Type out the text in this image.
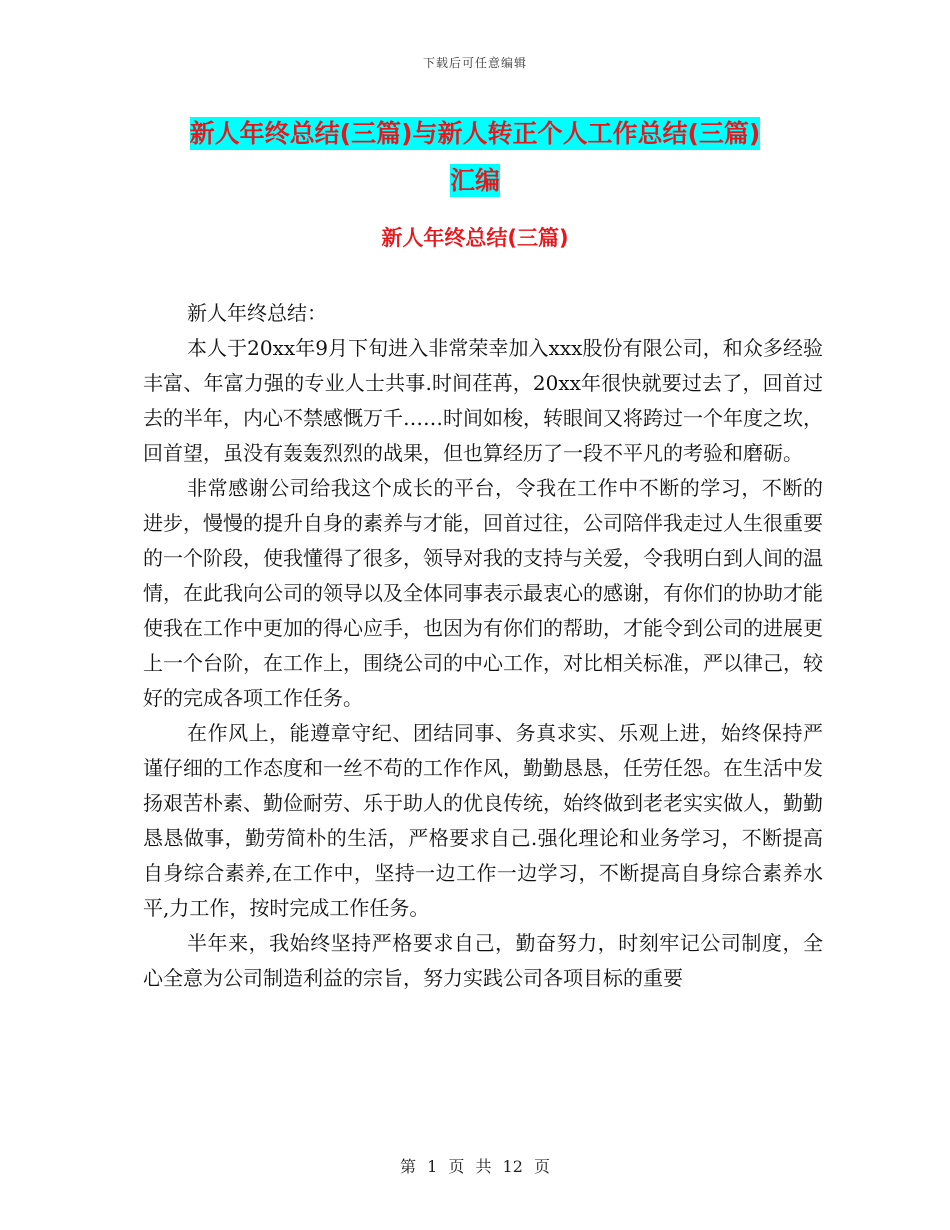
下载后可任意编辑
新人年终总结(三篇)与新人转正个人工作总结(三篇)
汇编
新人年终总结(三篇)

新人年终总结：

本人于20xx年9月下旬进入非常荣幸加入xxx股份有限公司，和众多经验丰富、年富力强的专业人士共事.时间荏苒，20xx年很快就要过去了，回首过去的半年，内心不禁感慨万千……时间如梭，转眼间又将跨过一个年度之坎，回首望，虽没有轰轰烈烈的战果，但也算经历了一段不平凡的考验和磨砺。

非常感谢公司给我这个成长的平台，令我在工作中不断的学习，不断的进步，慢慢的提升自身的素养与才能，回首过往，公司陪伴我走过人生很重要的一个阶段，使我懂得了很多，领导对我的支持与关爱，令我明白到人间的温情，在此我向公司的领导以及全体同事表示最衷心的感谢，有你们的协助才能使我在工作中更加的得心应手，也因为有你们的帮助，才能令到公司的进展更上一个台阶，在工作上，围绕公司的中心工作，对比相关标准，严以律己，较好的完成各项工作任务。

在作风上，能遵章守纪、团结同事、务真求实、乐观上进，始终保持严谨仔细的工作态度和一丝不苟的工作作风，勤勤恳恳，任劳任怨。在生活中发扬艰苦朴素、勤俭耐劳、乐于助人的优良传统，始终做到老老实实做人，勤勤恳恳做事，勤劳简朴的生活，严格要求自己.强化理论和业务学习，不断提高自身综合素养,在工作中，坚持一边工作一边学习，不断提高自身综合素养水平,力工作，按时完成工作任务。

半年来，我始终坚持严格要求自己，勤奋努力，时刻牢记公司制度，全心全意为公司制造利益的宗旨，努力实践公司各项目标的重要

第 1 页 共 12 页
